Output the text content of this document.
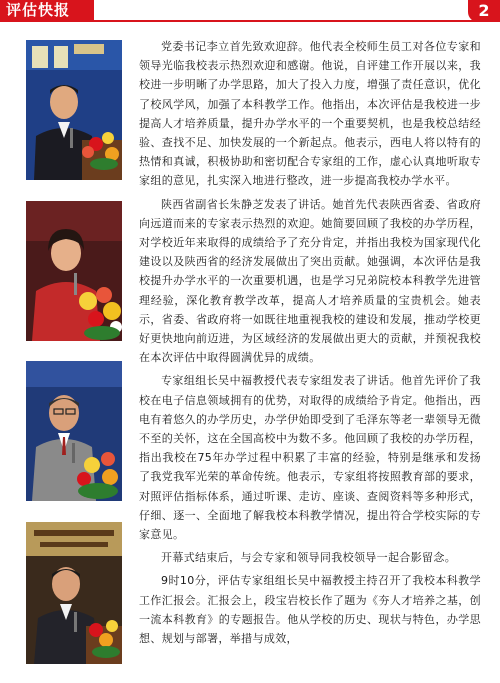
评估快报	2

党委书记李立首先致欢迎辞。他代表全校师生员工对各位专家和领导光临我校表示热烈欢迎和感谢。他说，自评建工作开展以来，我校进一步明晰了办学思路，加大了投入力度，增强了责任意识，优化了校风学风，加强了本科教学工作。他指出，本次评估是我校进一步提高人才培养质量，提升办学水平的一个重要契机，也是我校总结经验、查找不足、加快发展的一个新起点。他表示，西电人将以特有的热情和真诚，积极协助和密切配合专家组的工作，虚心认真地听取专家组的意见，扎实深入地进行整改，进一步提高我校办学水平。

陕西省副省长朱静芝发表了讲话。她首先代表陕西省委、省政府向远道而来的专家表示热烈的欢迎。她简要回顾了我校的办学历程，对学校近年来取得的成绩给予了充分肯定，并指出我校为国家现代化建设以及陕西省的经济发展做出了突出贡献。她强调，本次评估是我校提升办学水平的一次重要机遇，也是学习兄弟院校本科教学先进管理经验，深化教育教学改革，提高人才培养质量的宝贵机会。她表示，省委、省政府将一如既往地重视我校的建设和发展，推动学校更好更快地向前迈进，为区域经济的发展做出更大的贡献，并预祝我校在本次评估中取得圆满优异的成绩。

专家组组长吴中福教授代表专家组发表了讲话。他首先评价了我校在电子信息领域拥有的优势，对取得的成绩给予肯定。他指出，西电有着悠久的办学历史，办学伊始即受到了毛泽东等老一辈领导无微不至的关怀，这在全国高校中为数不多。他回顾了我校的办学历程，指出我校在75年办学过程中积累了丰富的经验，特别是继承和发扬了我党我军光荣的革命传统。他表示，专家组将按照教育部的要求，对照评估指标体系，通过听课、走访、座谈、查阅资料等多种形式，仔细、逐一、全面地了解我校本科教学情况，提出符合学校实际的专家意见。

开幕式结束后，与会专家和领导同我校领导一起合影留念。

9时10分，评估专家组组长吴中福教授主持召开了我校本科教学工作汇报会。汇报会上，段宝岩校长作了题为《夯人才培养之基，创一流本科教育》的专题报告。他从学校的历史、现状与特色，办学思想、规划与部署，举措与成效，
